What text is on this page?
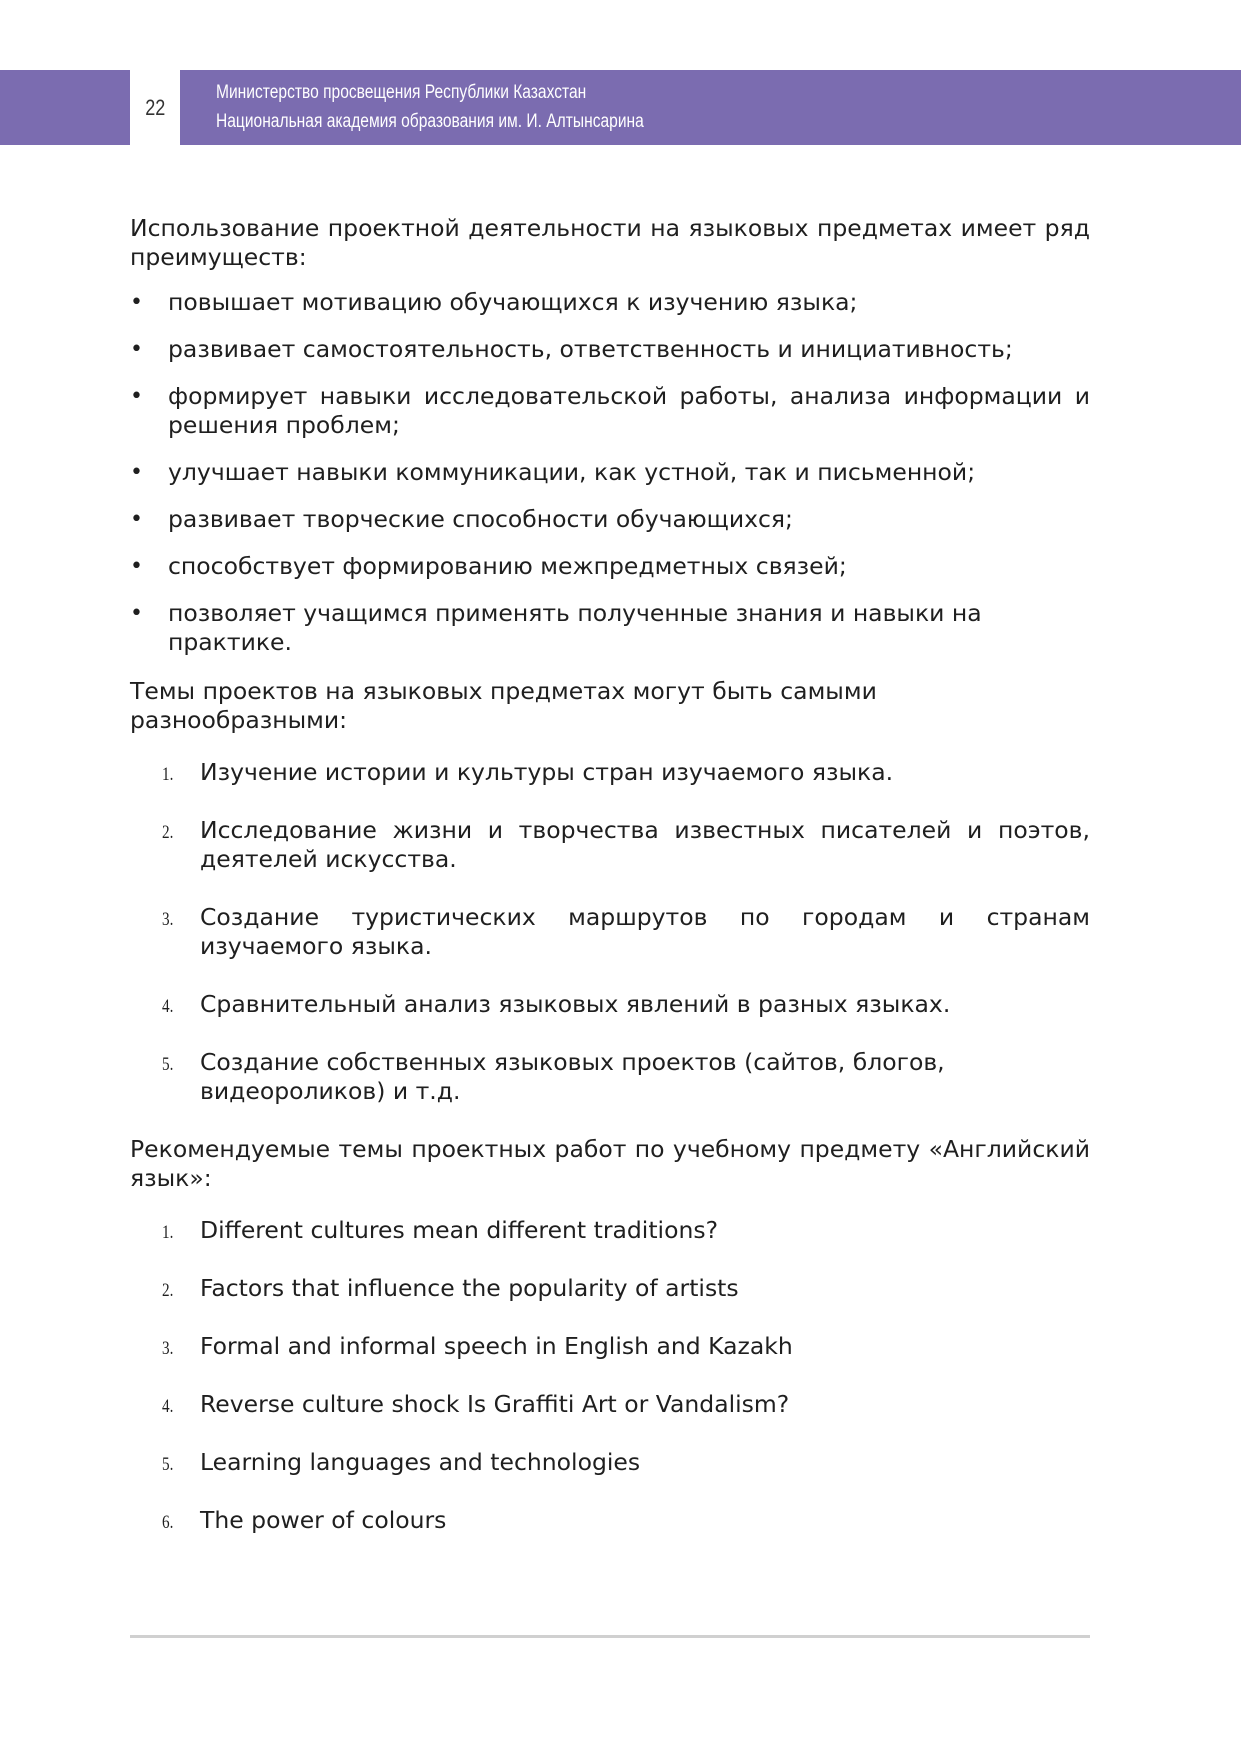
22
Министерство просвещения Республики Казахстан
Национальная академия образования им. И. Алтынсарина

Использование проектной деятельности на языковых предметах имеет ряд преимуществ:

• повышает мотивацию обучающихся к изучению языка;
• развивает самостоятельность, ответственность и инициативность;
• формирует навыки исследовательской работы, анализа информации и решения проблем;
• улучшает навыки коммуникации, как устной, так и письменной;
• развивает творческие способности обучающихся;
• способствует формированию межпредметных связей;
• позволяет учащимся применять полученные знания и навыки на практике.

Темы проектов на языковых предметах могут быть самыми разнообразными:

1. Изучение истории и культуры стран изучаемого языка.
2. Исследование жизни и творчества известных писателей и поэтов, деятелей искусства.
3. Создание туристических маршрутов по городам и странам изучаемого языка.
4. Сравнительный анализ языковых явлений в разных языках.
5. Создание собственных языковых проектов (сайтов, блогов, видеороликов) и т.д.

Рекомендуемые темы проектных работ по учебному предмету «Английский язык»:

1. Different cultures mean different traditions?
2. Factors that influence the popularity of artists
3. Formal and informal speech in English and Kazakh
4. Reverse culture shock Is Graffiti Art or Vandalism?
5. Learning languages and technologies
6. The power of colours
